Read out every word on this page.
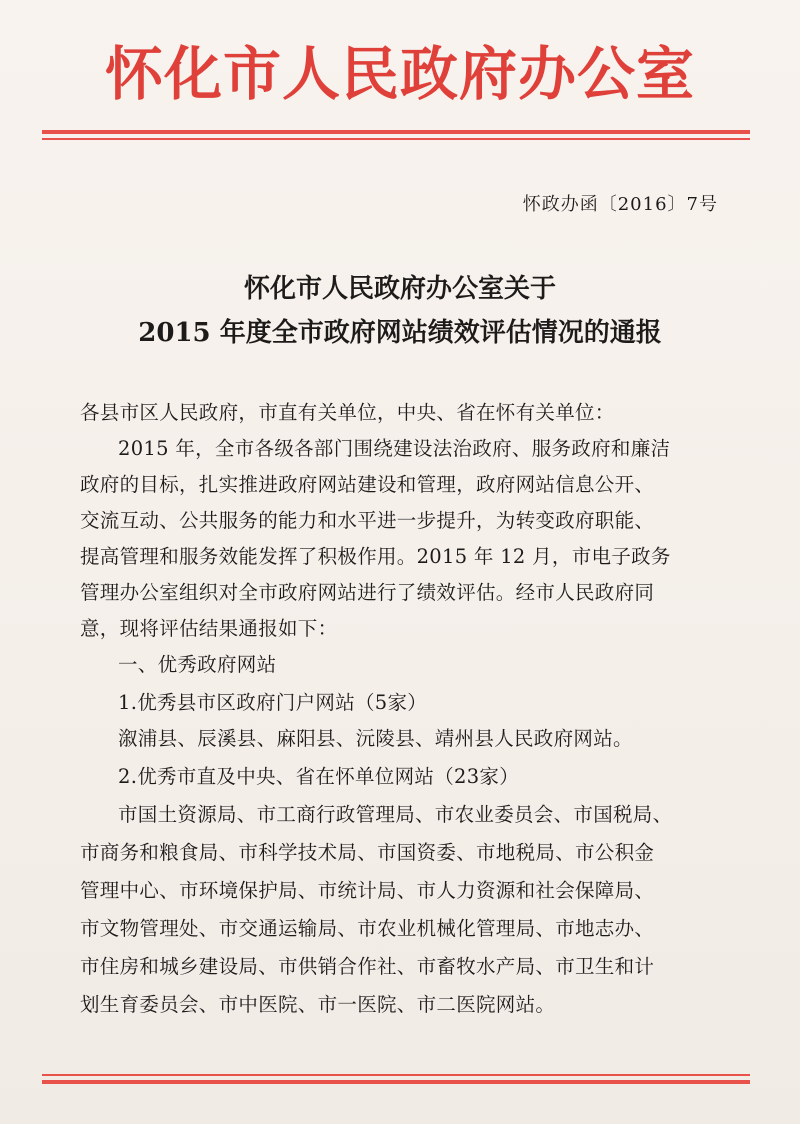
怀化市人民政府办公室
怀政办函〔2016〕7号
怀化市人民政府办公室关于
2015 年度全市政府网站绩效评估情况的通报
各县市区人民政府，市直有关单位，中央、省在怀有关单位：
2015 年，全市各级各部门围绕建设法治政府、服务政府和廉洁
政府的目标，扎实推进政府网站建设和管理，政府网站信息公开、
交流互动、公共服务的能力和水平进一步提升，为转变政府职能、
提高管理和服务效能发挥了积极作用。2015 年 12 月，市电子政务
管理办公室组织对全市政府网站进行了绩效评估。经市人民政府同
意，现将评估结果通报如下：
一、优秀政府网站
1.优秀县市区政府门户网站（5家）
溆浦县、辰溪县、麻阳县、沅陵县、靖州县人民政府网站。
2.优秀市直及中央、省在怀单位网站（23家）
市国土资源局、市工商行政管理局、市农业委员会、市国税局、
市商务和粮食局、市科学技术局、市国资委、市地税局、市公积金
管理中心、市环境保护局、市统计局、市人力资源和社会保障局、
市文物管理处、市交通运输局、市农业机械化管理局、市地志办、
市住房和城乡建设局、市供销合作社、市畜牧水产局、市卫生和计
划生育委员会、市中医院、市一医院、市二医院网站。
